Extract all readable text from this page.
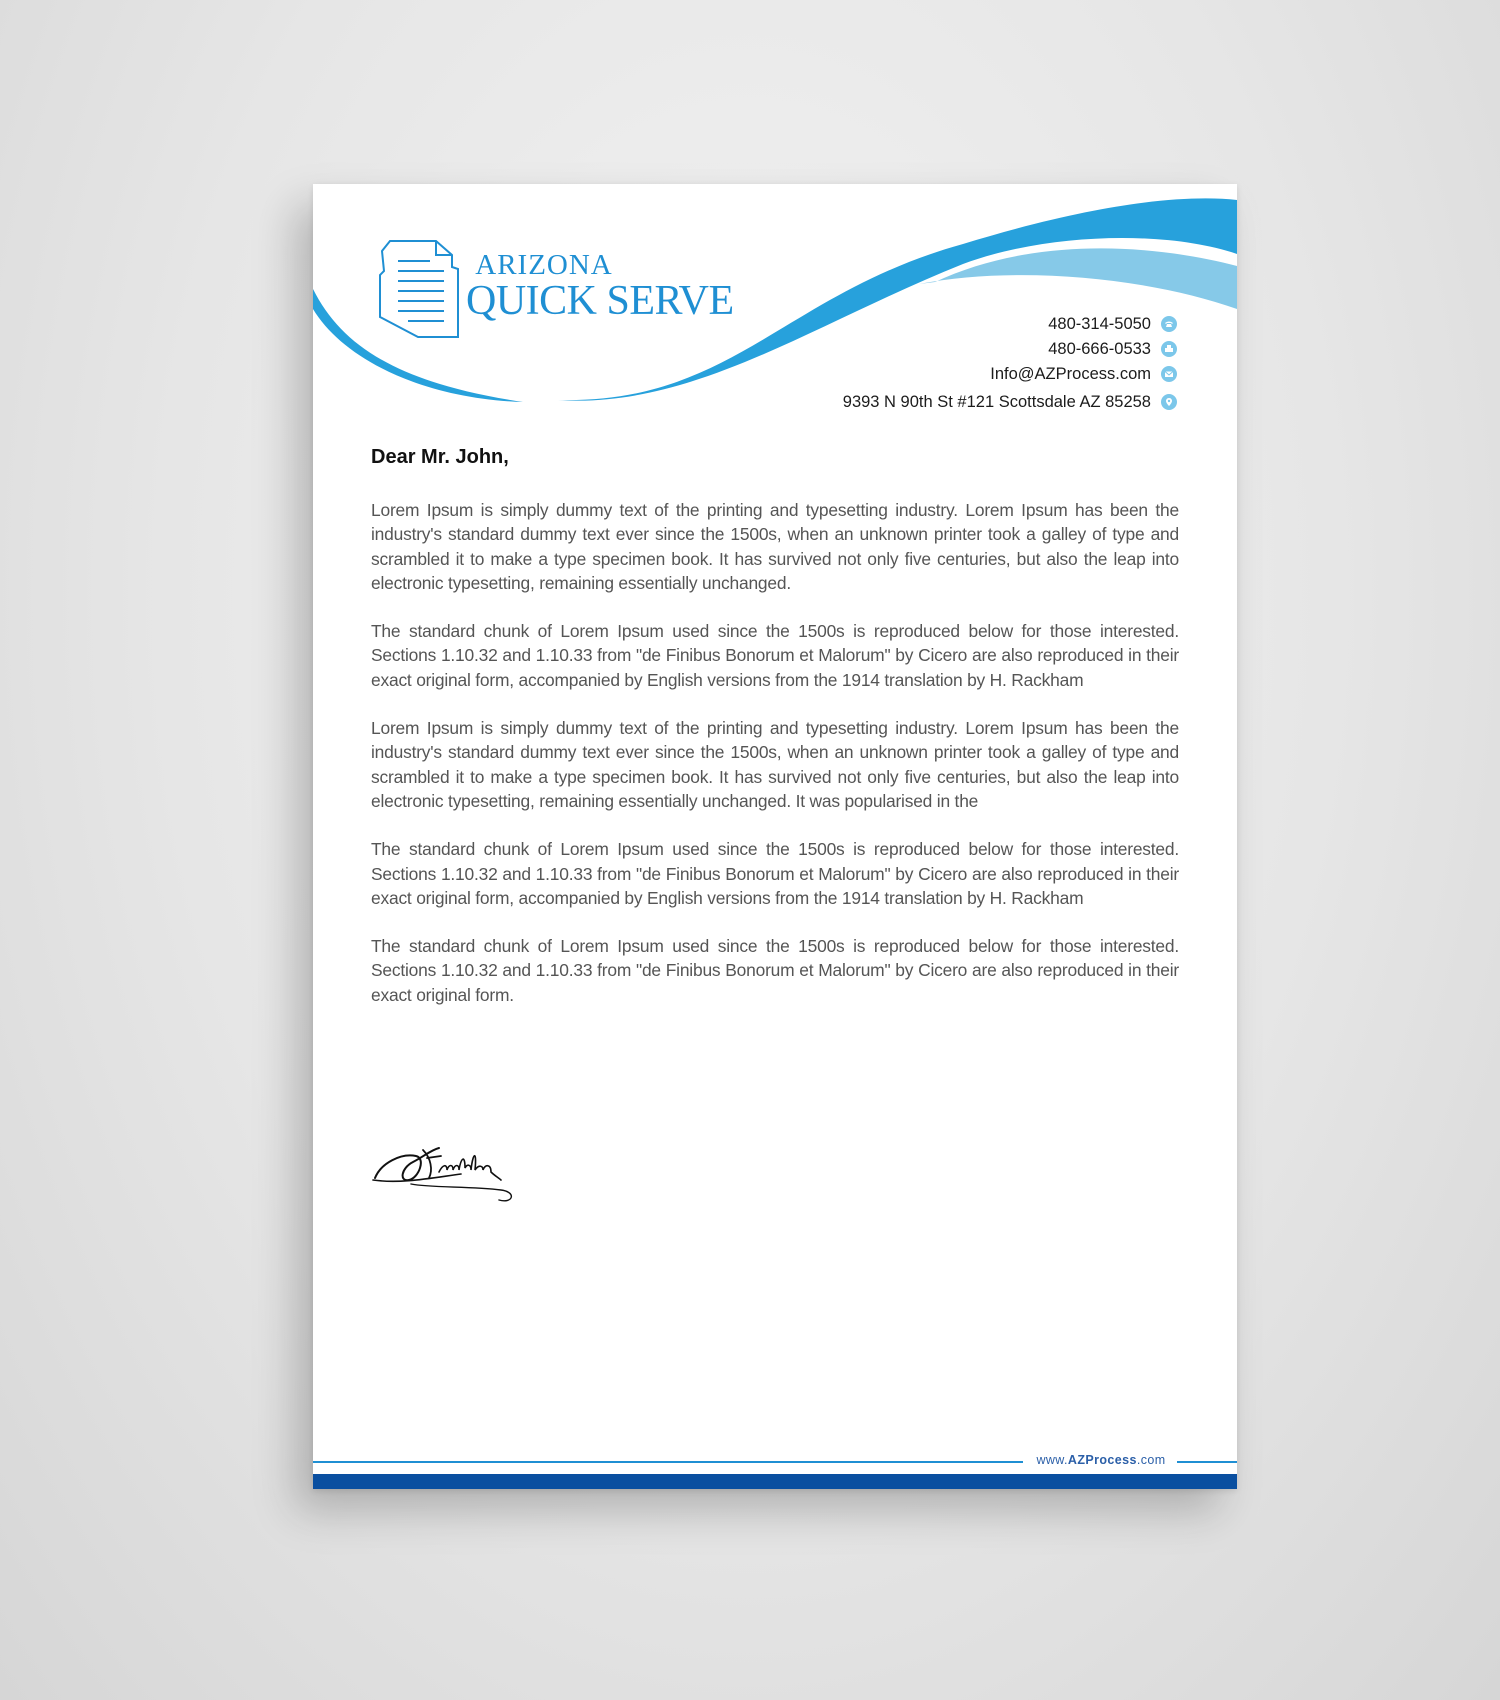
ARIZONA
QUICK SERVE	480-314-5050
480-666-0533
Info@AZProcess.com
9393 N 90th St #121 Scottsdale AZ 85258
Dear Mr. John,

Lorem Ipsum is simply dummy text of the printing and typesetting industry. Lorem Ipsum has been the industry's standard dummy text ever since the 1500s, when an unknown printer took a galley of type and scrambled it to make a type specimen book. It has survived not only five centuries, but also the leap into electronic typesetting, remaining essentially unchanged.

The standard chunk of Lorem Ipsum used since the 1500s is reproduced below for those interested. Sections 1.10.32 and 1.10.33 from "de Finibus Bonorum et Malorum" by Cicero are also reproduced in their exact original form, accompanied by English versions from the 1914 translation by H. Rackham

Lorem Ipsum is simply dummy text of the printing and typesetting industry. Lorem Ipsum has been the industry's standard dummy text ever since the 1500s, when an unknown printer took a galley of type and scrambled it to make a type specimen book. It has survived not only five centuries, but also the leap into electronic typesetting, remaining essentially unchanged. It was popularised in the

The standard chunk of Lorem Ipsum used since the 1500s is reproduced below for those interested. Sections 1.10.32 and 1.10.33 from "de Finibus Bonorum et Malorum" by Cicero are also reproduced in their exact original form, accompanied by English versions from the 1914 translation by H. Rackham

The standard chunk of Lorem Ipsum used since the 1500s is reproduced below for those interested. Sections 1.10.32 and 1.10.33 from "de Finibus Bonorum et Malorum" by Cicero are also reproduced in their exact original form.

www.AZProcess.com
